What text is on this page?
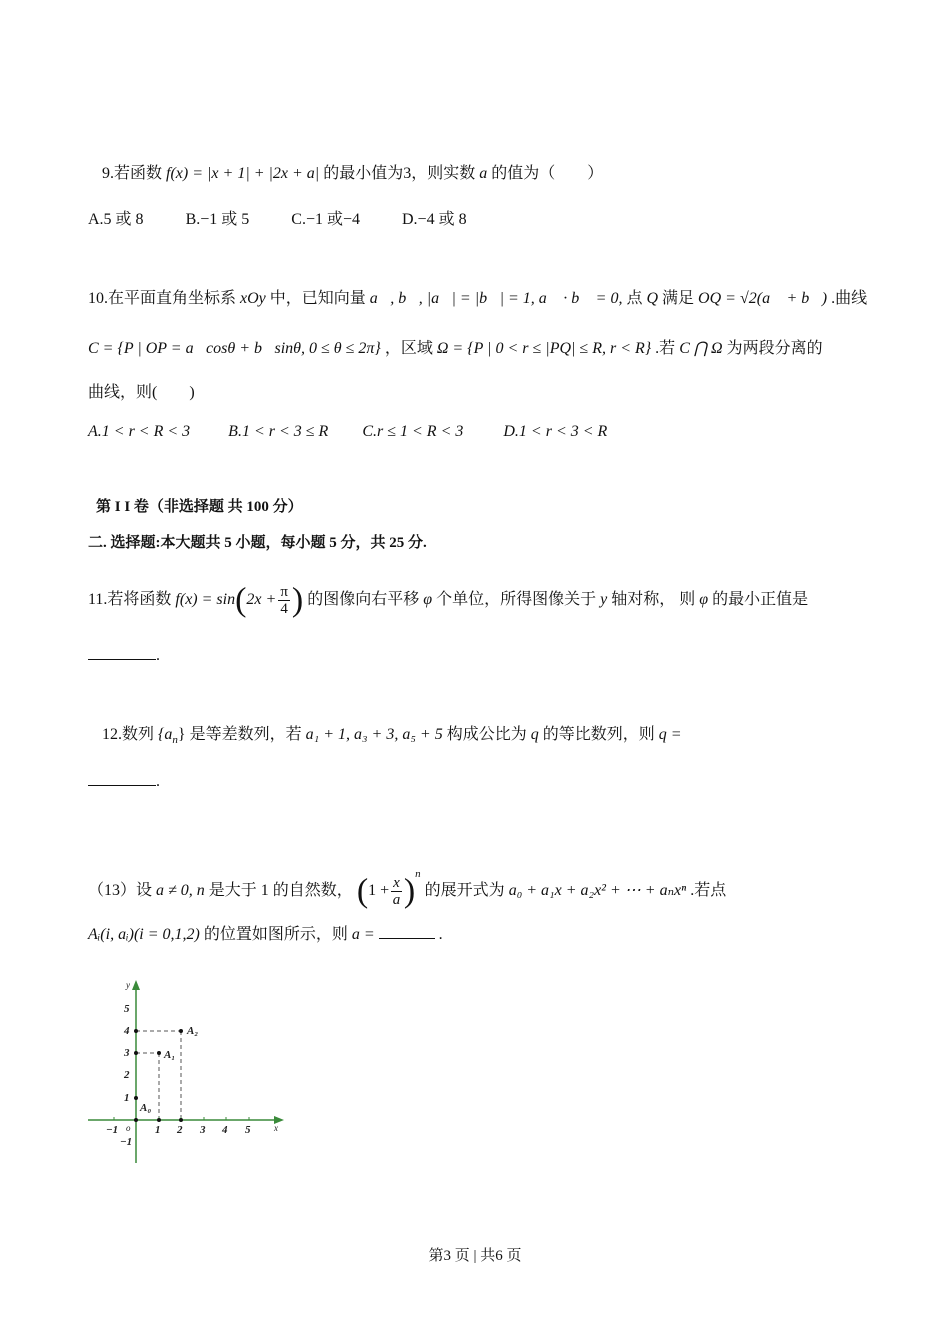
9.若函数 f(x) = |x + 1| + |2x + a| 的最小值为3，则实数 a 的值为（　　）
A.5 或 8	B.−1 或 5	C.−1 或−4	D.−4 或 8
10.在平面直角坐标系 xOy 中，已知向量 a⃗, b⃗, |a⃗| = |b⃗| = 1, a⃗ · b⃗ = 0, 点 Q 满足 OQ = √2(a⃗ + b⃗) .曲线
C = {P | OP = a⃗cosθ + b⃗sinθ, 0 ≤ θ ≤ 2π} ，区域 Ω = {P | 0 < r ≤ |PQ| ≤ R, r < R} .若 C ⋂ Ω 为两段分离的
曲线，则(　　)
A.1 < r < R < 3 B.1 < r < 3 ≤ R C.r ≤ 1 < R < 3	D.1 < r < 3 < R
第 I I 卷（非选择题 共 100 分）
二. 选择题:本大题共 5 小题，每小题 5 分，共 25 分.
11.若将函数 $f(x) = \sin(2x + \frac{\pi}{4}$ ) 的图像向右平移 φ 个单位，所得图像关于 y 轴对称， 则 φ 的最小正值是
.
12.数列 $\{a_n\}$ 是等差数列，若 a₁ + 1, a₃ + 3, a₅ + 5 构成公比为 q 的等比数列，则 q =
.
（13）设 a ≠ 0, n 是大于 1 的自然数， $(1 + \frac{x}{a} )^n$ 的展开式为 a₀ + a₁x + a₂x² + ⋯ + aₙxⁿ .若点
Aᵢ(i, aᵢ)(i = 0,1,2) 的位置如图所示，则 a =	.
−1	1 2 3 4 5
o	x
y
5
4
3
2
1
−1
A₀
A₁
A₂
第3 页 | 共6 页
